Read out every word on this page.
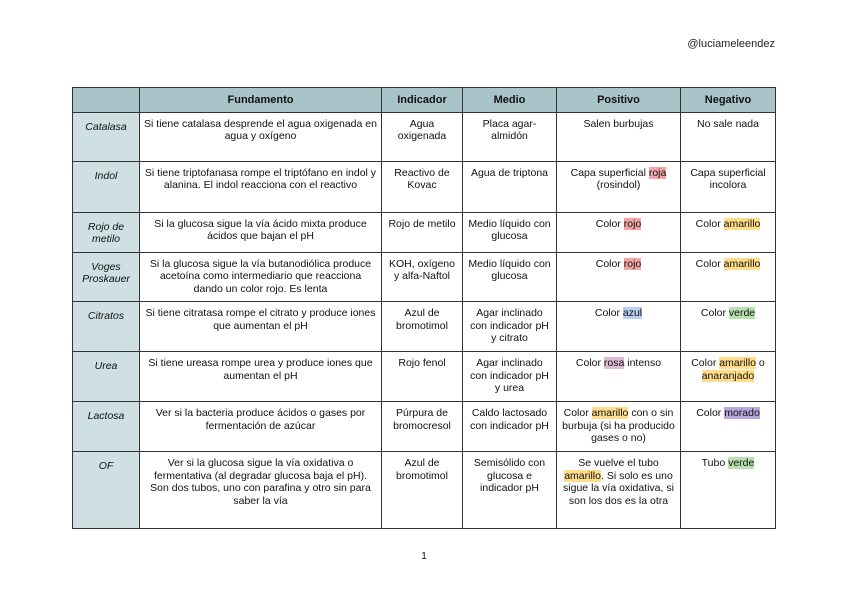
@luciameleendez
	Fundamento	Indicador	Medio	Positivo	Negativo
Catalasa	Si tiene catalasa desprende el agua oxigenada en agua y oxígeno	Agua oxigenada	Placa agar-almidón	Salen burbujas	No sale nada
Indol	Si tiene triptofanasa rompe el triptófano en indol y alanina. El indol reacciona con el reactivo	Reactivo de Kovac	Agua de triptona	Capa superficial roja (rosindol)	Capa superficial incolora
Rojo de metilo	Si la glucosa sigue la vía ácido mixta produce ácidos que bajan el pH	Rojo de metilo	Medio líquido con glucosa	Color rojo	Color amarillo
Voges Proskauer	Si la glucosa sigue la vía butanodiólica produce acetoína como intermediario que reacciona dando un color rojo. Es lenta	KOH, oxígeno y alfa-Naftol	Medio líquido con glucosa	Color rojo	Color amarillo
Citratos	Si tiene citratasa rompe el citrato y produce iones que aumentan el pH	Azul de bromotimol	Agar inclinado con indicador pH y citrato	Color azul	Color verde
Urea	Si tiene ureasa rompe urea y produce iones que aumentan el pH	Rojo fenol	Agar inclinado con indicador pH y urea	Color rosa intenso	Color amarillo o anaranjado
Lactosa	Ver si la bacteria produce ácidos o gases por fermentación de azúcar	Púrpura de bromocresol	Caldo lactosado con indicador pH	Color amarillo con o sin burbuja (si ha producido gases o no)	Color morado
OF	Ver si la glucosa sigue la vía oxidativa o fermentativa (al degradar glucosa baja el pH). Son dos tubos, uno con parafina y otro sin para saber la vía	Azul de bromotimol	Semisólido con glucosa e indicador pH	Se vuelve el tubo amarillo. Si solo es uno sigue la vía oxidativa, si son los dos es la otra	Tubo verde
1
